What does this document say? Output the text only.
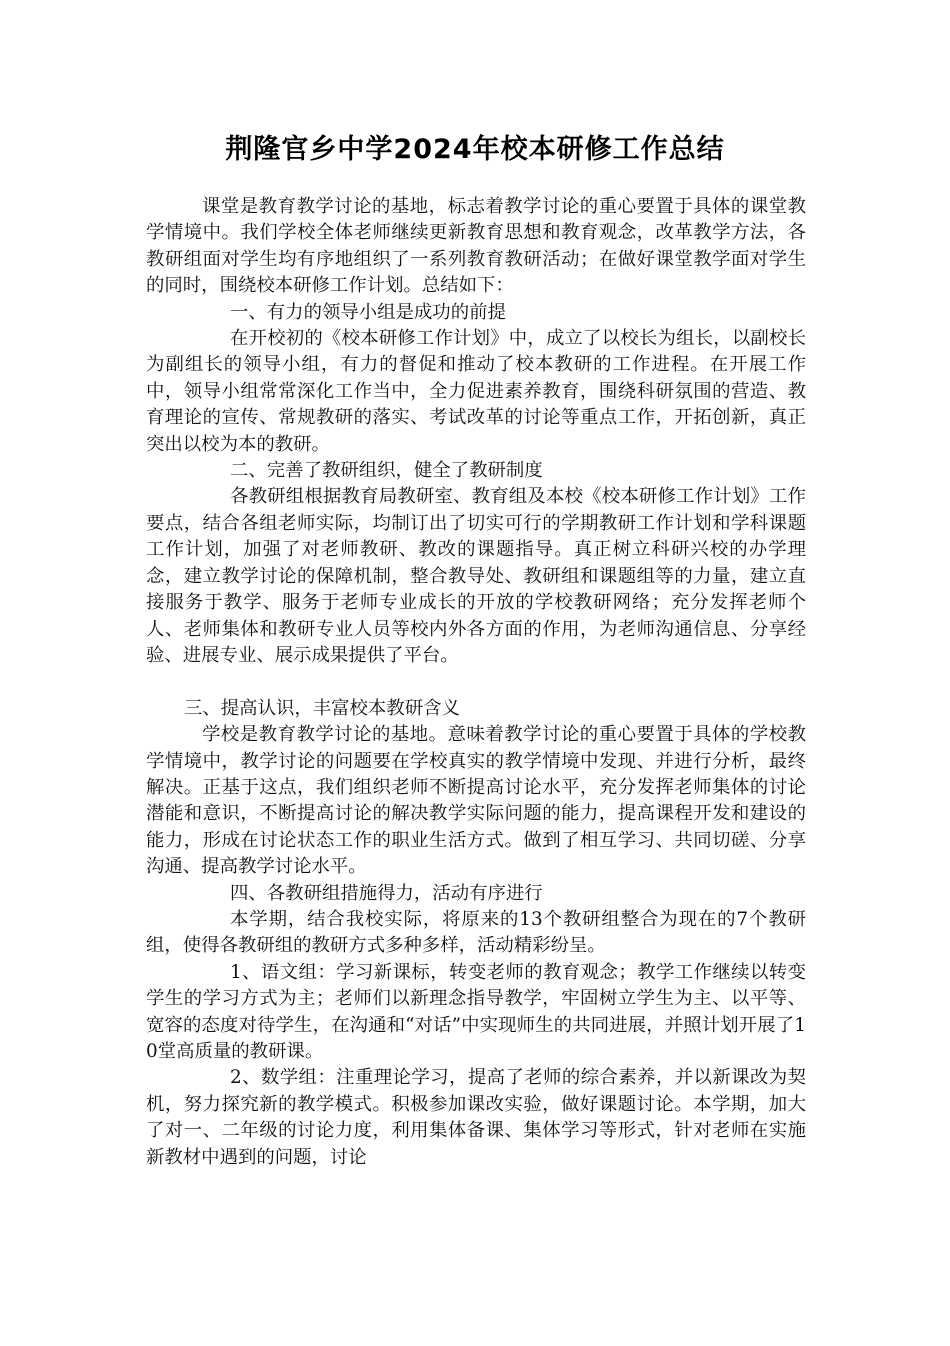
荆隆官乡中学2024年校本研修工作总结

课堂是教育教学讨论的基地，标志着教学讨论的重心要置于具体的课堂教学情境中。我们学校全体老师继续更新教育思想和教育观念，改革教学方法，各教研组面对学生均有序地组织了一系列教育教研活动；在做好课堂教学面对学生的同时，围绕校本研修工作计划。总结如下：

一、有力的领导小组是成功的前提

在开校初的《校本研修工作计划》中，成立了以校长为组长，以副校长为副组长的领导小组，有力的督促和推动了校本教研的工作进程。在开展工作中，领导小组常常深化工作当中，全力促进素养教育，围绕科研氛围的营造、教育理论的宣传、常规教研的落实、考试改革的讨论等重点工作，开拓创新，真正突出以校为本的教研。

二、完善了教研组织，健全了教研制度

各教研组根据教育局教研室、教育组及本校《校本研修工作计划》工作要点，结合各组老师实际，均制订出了切实可行的学期教研工作计划和学科课题工作计划，加强了对老师教研、教改的课题指导。真正树立科研兴校的办学理念，建立教学讨论的保障机制，整合教导处、教研组和课题组等的力量，建立直接服务于教学、服务于老师专业成长的开放的学校教研网络；充分发挥老师个人、老师集体和教研专业人员等校内外各方面的作用，为老师沟通信息、分享经验、进展专业、展示成果提供了平台。

三、提高认识，丰富校本教研含义

学校是教育教学讨论的基地。意味着教学讨论的重心要置于具体的学校教学情境中，教学讨论的问题要在学校真实的教学情境中发现、并进行分析，最终解决。正基于这点，我们组织老师不断提高讨论水平，充分发挥老师集体的讨论潜能和意识，不断提高讨论的解决教学实际问题的能力，提高课程开发和建设的能力，形成在讨论状态工作的职业生活方式。做到了相互学习、共同切磋、分享沟通、提高教学讨论水平。

四、各教研组措施得力，活动有序进行

本学期，结合我校实际，将原来的13个教研组整合为现在的7个教研组，使得各教研组的教研方式多种多样，活动精彩纷呈。

1、语文组：学习新课标，转变老师的教育观念；教学工作继续以转变学生的学习方式为主；老师们以新理念指导教学，牢固树立学生为主、以平等、宽容的态度对待学生，在沟通和“对话”中实现师生的共同进展，并照计划开展了10堂高质量的教研课。

2、数学组：注重理论学习，提高了老师的综合素养，并以新课改为契机，努力探究新的教学模式。积极参加课改实验，做好课题讨论。本学期，加大了对一、二年级的讨论力度，利用集体备课、集体学习等形式，针对老师在实施新教材中遇到的问题，讨论
